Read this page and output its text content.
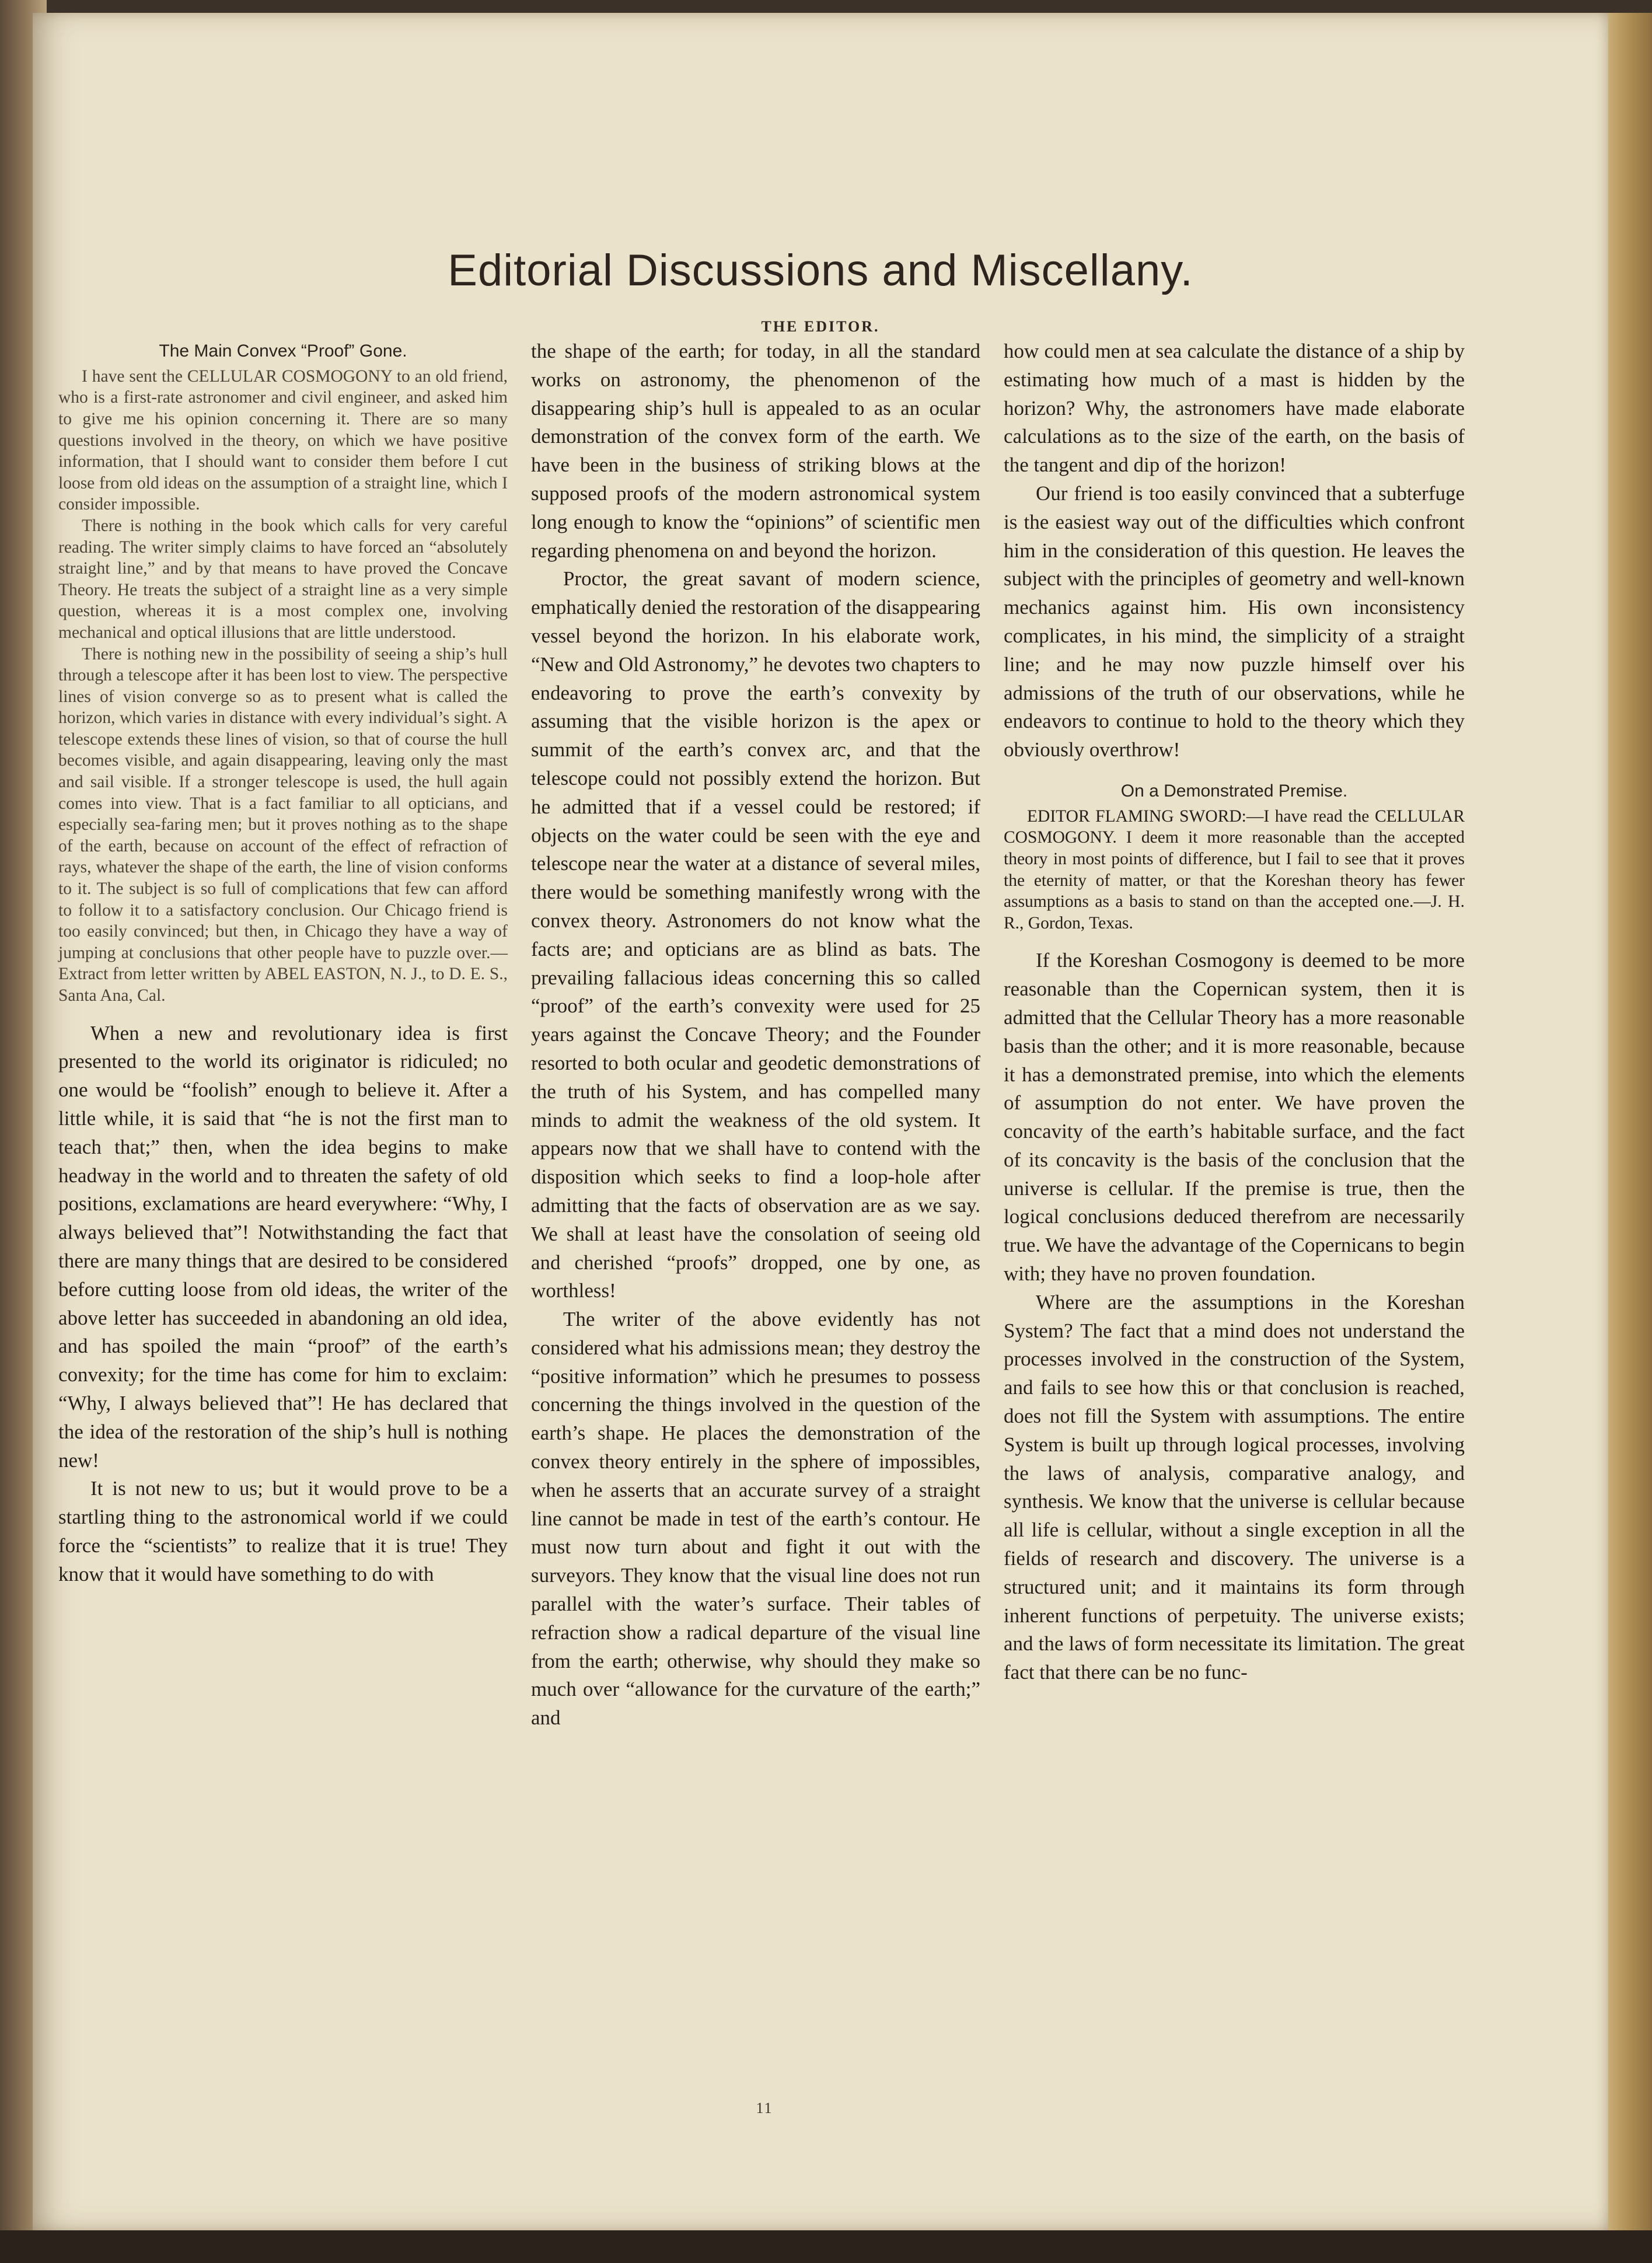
Editorial Discussions and Miscellany.
THE EDITOR.

The Main Convex “Proof” Gone.

I have sent the CELLULAR COSMOGONY to an old friend, who is a first-rate astronomer and civil engineer, and asked him to give me his opinion concerning it. There are so many questions involved in the theory, on which we have positive information, that I should want to consider them before I cut loose from old ideas on the assumption of a straight line, which I consider impossible.

There is nothing in the book which calls for very careful reading. The writer simply claims to have forced an “absolutely straight line,” and by that means to have proved the Concave Theory. He treats the subject of a straight line as a very simple question, whereas it is a most complex one, involving mechanical and optical illusions that are little understood.

There is nothing new in the possibility of seeing a ship’s hull through a telescope after it has been lost to view. The perspective lines of vision converge so as to present what is called the horizon, which varies in distance with every individual’s sight. A telescope extends these lines of vision, so that of course the hull becomes visible, and again disappearing, leaving only the mast and sail visible. If a stronger telescope is used, the hull again comes into view. That is a fact familiar to all opticians, and especially sea-faring men; but it proves nothing as to the shape of the earth, because on account of the effect of refraction of rays, whatever the shape of the earth, the line of vision conforms to it. The subject is so full of complications that few can afford to follow it to a satisfactory conclusion. Our Chicago friend is too easily convinced; but then, in Chicago they have a way of jumping at conclusions that other people have to puzzle over.—Extract from letter written by ABEL EASTON, N. J., to D. E. S., Santa Ana, Cal.

When a new and revolutionary idea is first presented to the world its originator is ridiculed; no one would be “foolish” enough to believe it. After a little while, it is said that “he is not the first man to teach that;” then, when the idea begins to make headway in the world and to threaten the safety of old positions, exclamations are heard everywhere: “Why, I always believed that”! Notwithstanding the fact that there are many things that are desired to be considered before cutting loose from old ideas, the writer of the above letter has succeeded in abandoning an old idea, and has spoiled the main “proof” of the earth’s convexity; for the time has come for him to exclaim: “Why, I always believed that”! He has declared that the idea of the restoration of the ship’s hull is nothing new!

It is not new to us; but it would prove to be a startling thing to the astronomical world if we could force the “scientists” to realize that it is true! They know that it would have something to do with

the shape of the earth; for today, in all the standard works on astronomy, the phenomenon of the disappearing ship’s hull is appealed to as an ocular demonstration of the convex form of the earth. We have been in the business of striking blows at the supposed proofs of the modern astronomical system long enough to know the “opinions” of scientific men regarding phenomena on and beyond the horizon.

Proctor, the great savant of modern science, emphatically denied the restoration of the disappearing vessel beyond the horizon. In his elaborate work, “New and Old Astronomy,” he devotes two chapters to endeavoring to prove the earth’s convexity by assuming that the visible horizon is the apex or summit of the earth’s convex arc, and that the telescope could not possibly extend the horizon. But he admitted that if a vessel could be restored; if objects on the water could be seen with the eye and telescope near the water at a distance of several miles, there would be something manifestly wrong with the convex theory. Astronomers do not know what the facts are; and opticians are as blind as bats. The prevailing fallacious ideas concerning this so called “proof” of the earth’s convexity were used for 25 years against the Concave Theory; and the Founder resorted to both ocular and geodetic demonstrations of the truth of his System, and has compelled many minds to admit the weakness of the old system. It appears now that we shall have to contend with the disposition which seeks to find a loop-hole after admitting that the facts of observation are as we say. We shall at least have the consolation of seeing old and cherished “proofs” dropped, one by one, as worthless!

The writer of the above evidently has not considered what his admissions mean; they destroy the “positive information” which he presumes to possess concerning the things involved in the question of the earth’s shape. He places the demonstration of the convex theory entirely in the sphere of impossibles, when he asserts that an accurate survey of a straight line cannot be made in test of the earth’s contour. He must now turn about and fight it out with the surveyors. They know that the visual line does not run parallel with the water’s surface. Their tables of refraction show a radical departure of the visual line from the earth; otherwise, why should they make so much over “allowance for the curvature of the earth;” and

how could men at sea calculate the distance of a ship by estimating how much of a mast is hidden by the horizon? Why, the astronomers have made elaborate calculations as to the size of the earth, on the basis of the tangent and dip of the horizon!

Our friend is too easily convinced that a subterfuge is the easiest way out of the difficulties which confront him in the consideration of this question. He leaves the subject with the principles of geometry and well-known mechanics against him. His own inconsistency complicates, in his mind, the simplicity of a straight line; and he may now puzzle himself over his admissions of the truth of our observations, while he endeavors to continue to hold to the theory which they obviously overthrow!

On a Demonstrated Premise.

EDITOR FLAMING SWORD:—I have read the CELLULAR COSMOGONY. I deem it more reasonable than the accepted theory in most points of difference, but I fail to see that it proves the eternity of matter, or that the Koreshan theory has fewer assumptions as a basis to stand on than the accepted one.—J. H. R., Gordon, Texas.

If the Koreshan Cosmogony is deemed to be more reasonable than the Copernican system, then it is admitted that the Cellular Theory has a more reasonable basis than the other; and it is more reasonable, because it has a demonstrated premise, into which the elements of assumption do not enter. We have proven the concavity of the earth’s habitable surface, and the fact of its concavity is the basis of the conclusion that the universe is cellular. If the premise is true, then the logical conclusions deduced therefrom are necessarily true. We have the advantage of the Copernicans to begin with; they have no proven foundation.

Where are the assumptions in the Koreshan System? The fact that a mind does not understand the processes involved in the construction of the System, and fails to see how this or that conclusion is reached, does not fill the System with assumptions. The entire System is built up through logical processes, involving the laws of analysis, comparative analogy, and synthesis. We know that the universe is cellular because all life is cellular, without a single exception in all the fields of research and discovery. The universe is a structured unit; and it maintains its form through inherent functions of perpetuity. The universe exists; and the laws of form necessitate its limitation. The great fact that there can be no func-

11
